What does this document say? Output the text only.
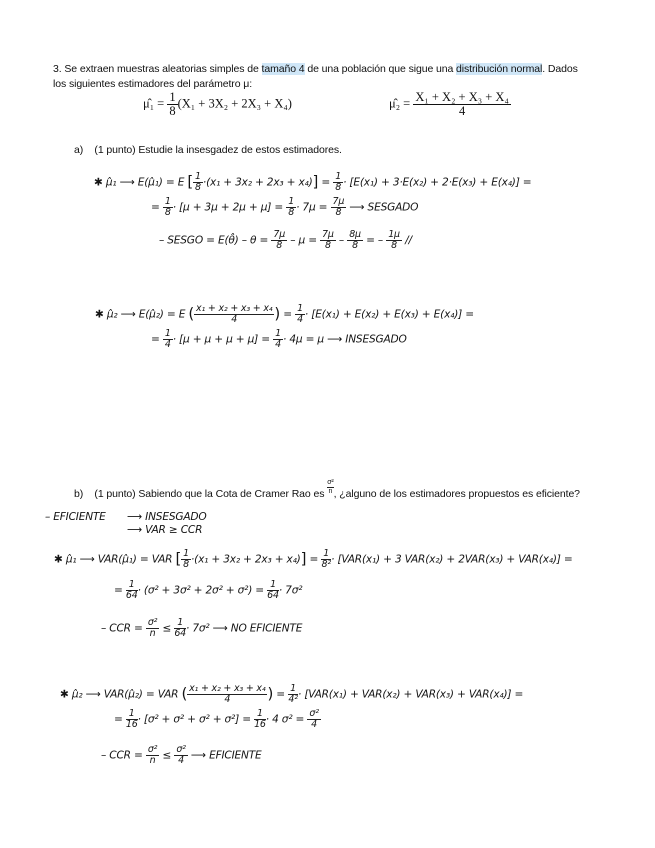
3. Se extraen muestras aleatorias simples de tamaño 4 de una población que sigue una distribución normal. Dados
los siguientes estimadores del parámetro μ:
μ̂₁ = $\frac{1}{8} (X_1 + 3X_2 + 2X_3 + X_4)$	μ̂₂ = $\frac{\text{X₁ + X₂ + X₃ + X₄}}{4}$
a) (1 punto) Estudie la insesgadez de estos estimadores.
✱ μ̂₁ ⟶ E(μ̂₁) = E [ $\frac{1}{8} \cdot(x_1 + 3x_2 + 2x_3 + x_4)] = \frac{1}{8} \cdot [E(x_1) + 3\cdot E(x_2) + 2\cdot E(x_3) + E(x_4)]$ =
= $\frac{1}{8} \cdot [\mu + 3\mu + 2\mu + \mu] = \frac{1}{8} \cdot 7\mu = \frac{7\mu}{8}$ ⟶ SESGADO
– SESGO = E(θ̂) – $\theta = \frac{7\mu}{8} - \mu = \frac{7\mu}{8} - \frac{8\mu}{8}$ = – $\frac{1\mu}{8}$ //
✱ μ̂₂ ⟶ E(μ̂₂) = E ( $\frac{\text{x₁ + x₂ + x₃ + x₄}}{4}$ ) = $\frac{1}{4} \cdot [E(x_1) + E(x_2) + E(x_3) + E(x_4)]$ =
= $\frac{1}{4} \cdot [\mu + \mu + \mu + \mu] = \frac{1}{4} \cdot 4\mu = \mu$ ⟶ INSESGADO
b) (1 punto) Sabiendo que la Cota de Cramer Rao es $\frac{\text{σ²}}{n}$ , ¿alguno de los estimadores propuestos es eficiente?
– EFICIENTE ⟶ INSESGADO
⟶ VAR ≥ CCR
✱ μ̂₁ ⟶ VAR(μ̂₁) = VAR [ $\frac{1}{8} \cdot(x_1 + 3x_2 + 2x_3 + x_4)] = \frac{1}{\text{8²}} \cdot [VAR(x_1) + 3$ VAR(x₂) + 2VAR(x₃) + VAR(x₄)] =
= $\frac{1}{64} \cdot (\sigma^2 + 3\sigma^2 + 2\sigma^2 + \sigma^2) = \frac{1}{64} \cdot 7\sigma^2$
– CCR = $\frac{\text{σ²}}{n} \le \frac{1}{64} \cdot 7\sigma^2$ ⟶ NO EFICIENTE
✱ μ̂₂ ⟶ VAR(μ̂₂) = VAR ( $\frac{\text{x₁ + x₂ + x₃ + x₄}}{4}$ ) = $\frac{1}{\text{4²}} \cdot [VAR(x_1) + VAR(x_2) + VAR(x_3) + VAR(x_4)]$ =
= $\frac{1}{16} \cdot [\sigma^2 + \sigma^2 + \sigma^2 + \sigma^2] = \frac{1}{16} \cdot 4$ $\sigma^2 = \frac{\text{σ²}}{4}$
– CCR = $\frac{\text{σ²}}{n} \le \frac{\text{σ²}}{4}$ ⟶ EFICIENTE
